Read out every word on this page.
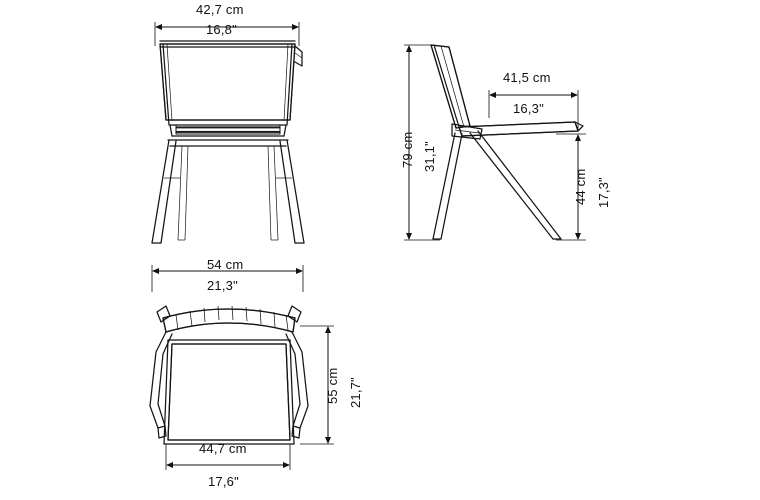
42,7 cm
16,8"
79 cm 31,1"
41,5 cm
16,3"
44 cm 17,3"
54 cm
21,3"
55 cm 21,7"
44,7 cm
17,6"
